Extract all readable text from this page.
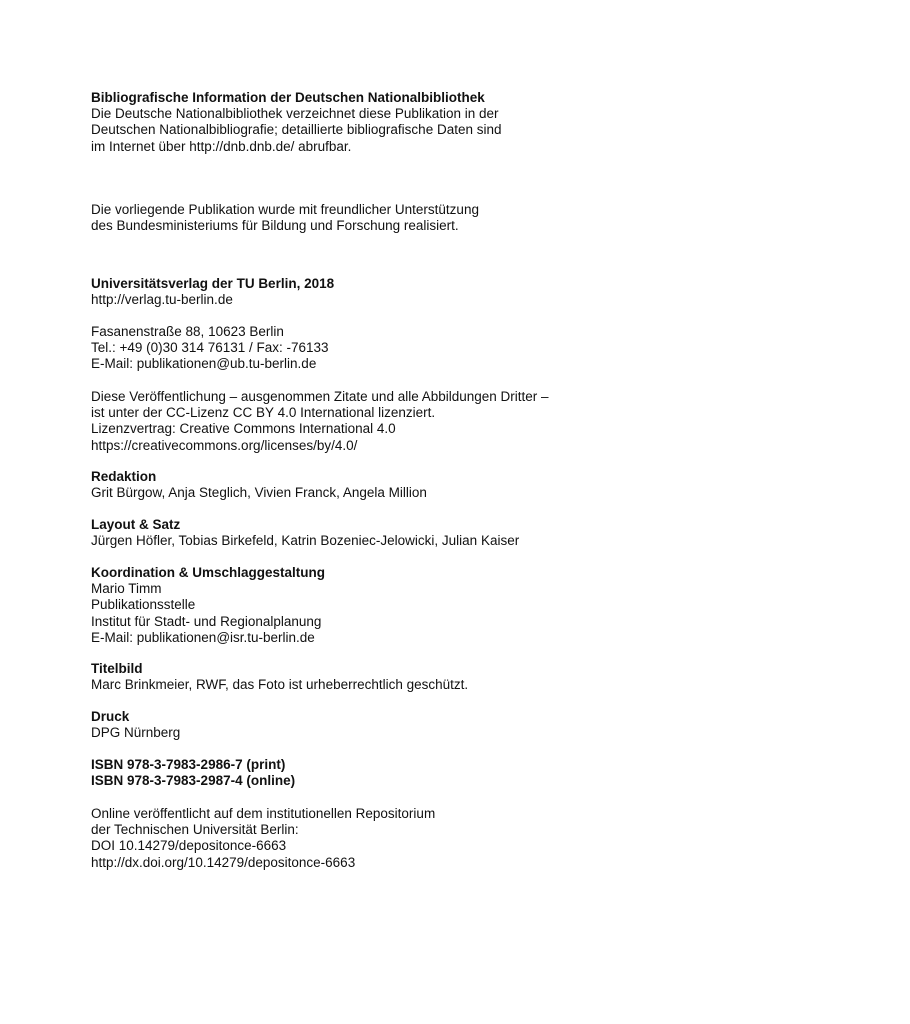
Bibliografische Information der Deutschen Nationalbibliothek
Die Deutsche Nationalbibliothek verzeichnet diese Publikation in der
Deutschen Nationalbibliografie; detaillierte bibliografische Daten sind
im Internet über http://dnb.dnb.de/ abrufbar.
Die vorliegende Publikation wurde mit freundlicher Unterstützung
des Bundesministeriums für Bildung und Forschung realisiert.
Universitätsverlag der TU Berlin, 2018
http://verlag.tu-berlin.de
Fasanenstraße 88, 10623 Berlin
Tel.: +49 (0)30 314 76131 / Fax: -76133
E-Mail: publikationen@ub.tu-berlin.de
Diese Veröffentlichung – ausgenommen Zitate und alle Abbildungen Dritter –
ist unter der CC-Lizenz CC BY 4.0 International lizenziert.
Lizenzvertrag: Creative Commons International 4.0
https://creativecommons.org/licenses/by/4.0/
Redaktion
Grit Bürgow, Anja Steglich, Vivien Franck, Angela Million
Layout & Satz
Jürgen Höfler, Tobias Birkefeld, Katrin Bozeniec-Jelowicki, Julian Kaiser
Koordination & Umschlaggestaltung
Mario Timm
Publikationsstelle
Institut für Stadt- und Regionalplanung
E-Mail: publikationen@isr.tu-berlin.de
Titelbild
Marc Brinkmeier, RWF, das Foto ist urheberrechtlich geschützt.
Druck
DPG Nürnberg
ISBN 978-3-7983-2986-7 (print)
ISBN 978-3-7983-2987-4 (online)
Online veröffentlicht auf dem institutionellen Repositorium
der Technischen Universität Berlin:
DOI 10.14279/depositonce-6663
http://dx.doi.org/10.14279/depositonce-6663
